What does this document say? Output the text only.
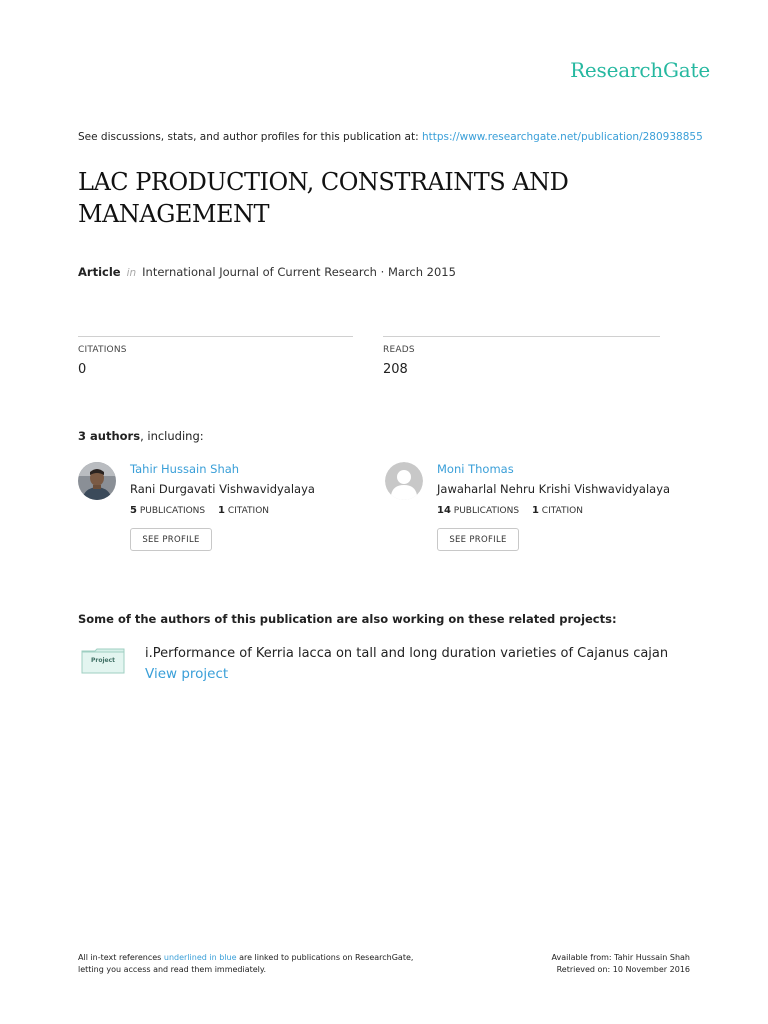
ResearchGate
See discussions, stats, and author profiles for this publication at: https://www.researchgate.net/publication/280938855
LAC PRODUCTION, CONSTRAINTS AND MANAGEMENT
Article in International Journal of Current Research · March 2015
CITATIONS
0
READS
208
3 authors, including:
Tahir Hussain Shah
Rani Durgavati Vishwavidyalaya
5 PUBLICATIONS 1 CITATION
SEE PROFILE
Moni Thomas
Jawaharlal Nehru Krishi Vishwavidyalaya
14 PUBLICATIONS 1 CITATION
SEE PROFILE
Some of the authors of this publication are also working on these related projects:
Project	i.Performance of Kerria lacca on tall and long duration varieties of Cajanus cajan View project
All in-text references underlined in blue are linked to publications on ResearchGate,
letting you access and read them immediately.
Available from: Tahir Hussain Shah
Retrieved on: 10 November 2016
